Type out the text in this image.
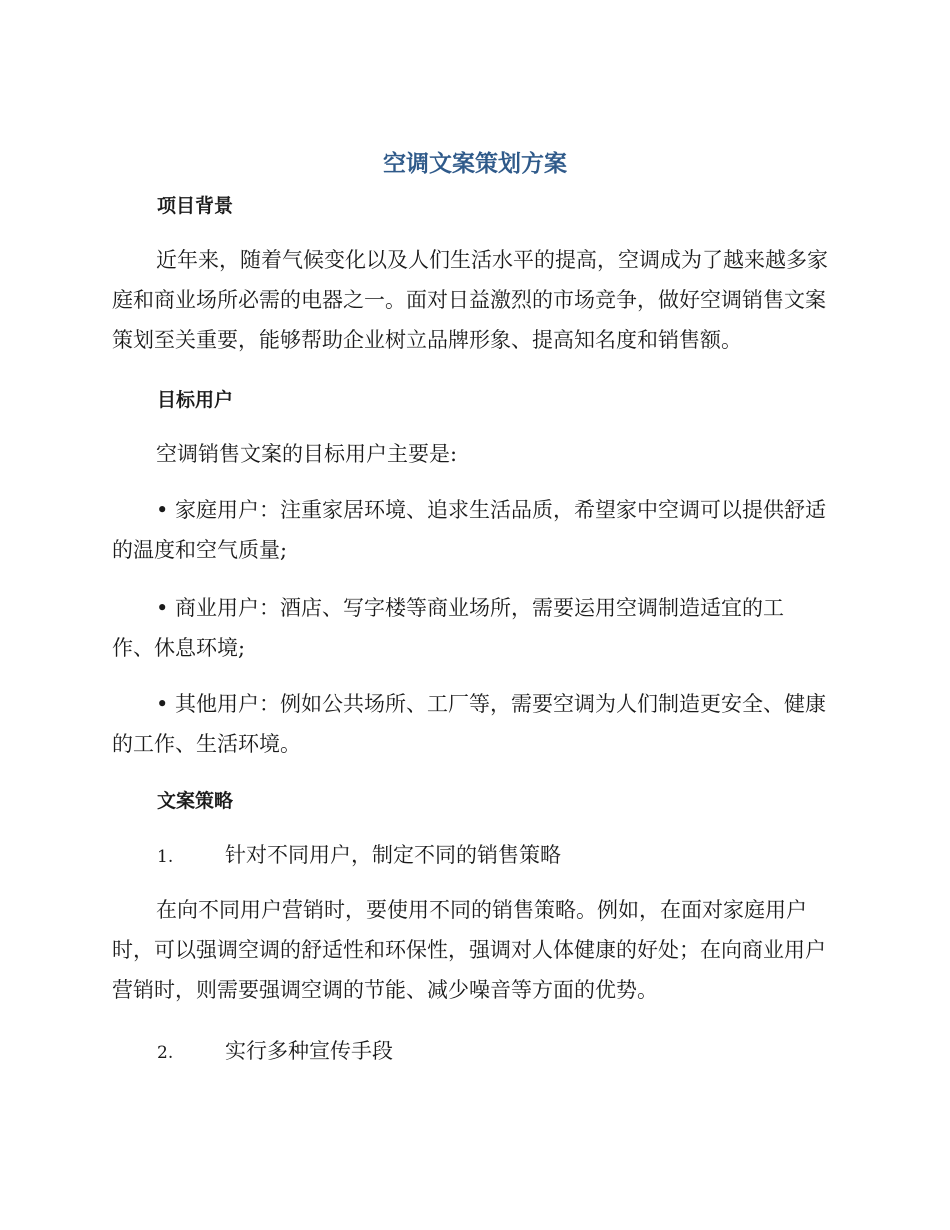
空调文案策划方案
项目背景
近年来，随着气候变化以及人们生活水平的提高，空调成为了越来越多家庭和商业场所必需的电器之一。面对日益激烈的市场竞争，做好空调销售文案策划至关重要，能够帮助企业树立品牌形象、提高知名度和销售额。
目标用户
空调销售文案的目标用户主要是:
• 家庭用户：注重家居环境、追求生活品质，希望家中空调可以提供舒适的温度和空气质量;
• 商业用户：酒店、写字楼等商业场所，需要运用空调制造适宜的工作、休息环境;
• 其他用户：例如公共场所、工厂等，需要空调为人们制造更安全、健康的工作、生活环境。
文案策略
1. 针对不同用户，制定不同的销售策略
在向不同用户营销时，要使用不同的销售策略。例如，在面对家庭用户时，可以强调空调的舒适性和环保性，强调对人体健康的好处；在向商业用户营销时，则需要强调空调的节能、减少噪音等方面的优势。
2. 实行多种宣传手段
